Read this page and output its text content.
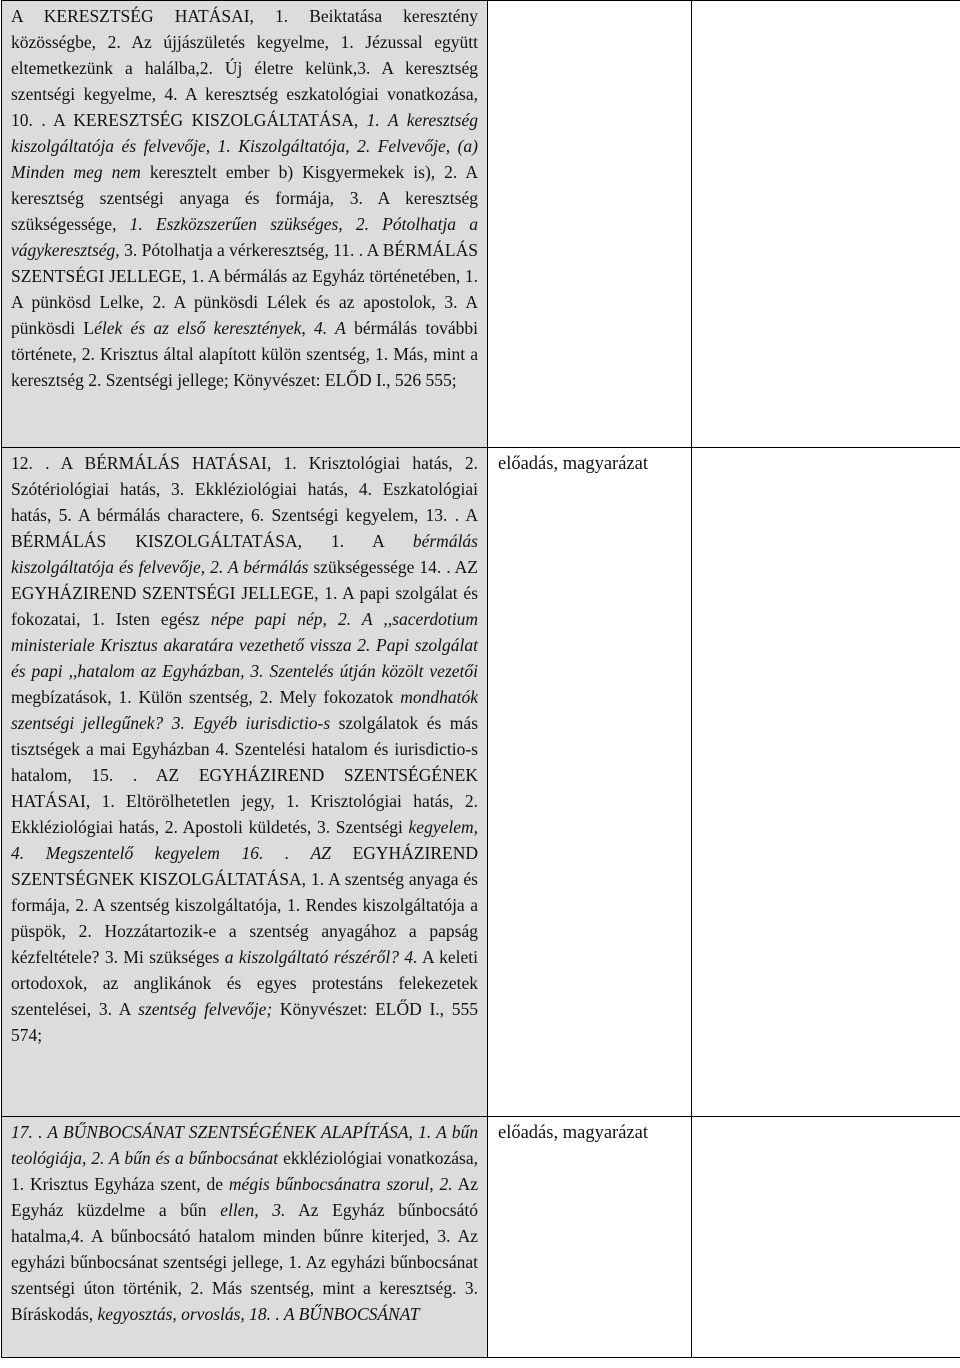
A KERESZTSÉG HATÁSAI, 1. Beiktatása keresztény közösségbe, 2. Az újjászületés kegyelme, 1. Jézussal együtt eltemetkezünk a halálba,2. Új életre kelünk,3. A keresztség szentségi kegyelme, 4. A keresztség eszkatológiai vonatkozása, 10. . A KERESZTSÉG KISZOLGÁLTATÁSA, 1. A keresztség kiszolgáltatója és felvevője, 1. Kiszolgáltatója, 2. Felvevője, (a) Minden meg nem keresztelt ember b) Kisgyermekek is), 2. A keresztség szentségi anyaga és formája, 3. A keresztség szükségessége, 1. Eszközszerűen szükséges, 2. Pótolhatja a vágykeresztség, 3. Pótolhatja a vérkeresztség, 11. . A BÉRMÁLÁS SZENTSÉGI JELLEGE, 1. A bérmálás az Egyház történetében, 1. A pünkösd Lelke, 2. A pünkösdi Lélek és az apostolok, 3. A pünkösdi Lélek és az első keresztények, 4. A bérmálás további története, 2. Krisztus által alapított külön szentség, 1. Más, mint a keresztség 2. Szentségi jellege; Könyvészet: ELŐD I., 526 555;		

12. . A BÉRMÁLÁS HATÁSAI, 1. Krisztológiai hatás, 2. Szótériológiai hatás, 3. Ekkléziológiai hatás, 4. Eszkatológiai hatás, 5. A bérmálás charactere, 6. Szentségi kegyelem, 13. . A BÉRMÁLÁS KISZOLGÁLTATÁSA, 1. A bérmálás kiszolgáltatója és felvevője, 2. A bérmálás szükségessége 14. . AZ EGYHÁZIREND SZENTSÉGI JELLEGE, 1. A papi szolgálat és fokozatai, 1. Isten egész népe papi nép, 2. A ,,sacerdotium ministeriale Krisztus akaratára vezethető vissza 2. Papi szolgálat és papi ,,hatalom az Egyházban, 3. Szentelés útján közölt vezetői megbízatások, 1. Külön szentség, 2. Mely fokozatok mondhatók szentségi jellegűnek? 3. Egyéb iurisdictio-s szolgálatok és más tisztségek a mai Egyházban 4. Szentelési hatalom és iurisdictio-s hatalom, 15. . AZ EGYHÁZIREND SZENTSÉGÉNEK HATÁSAI, 1. Eltörölhetetlen jegy, 1. Krisztológiai hatás, 2. Ekkléziológiai hatás, 2. Apostoli küldetés, 3. Szentségi kegyelem, 4. Megszentelő kegyelem 16. . AZ EGYHÁZIREND SZENTSÉGNEK KISZOLGÁLTATÁSA, 1. A szentség anyaga és formája, 2. A szentség kiszolgáltatója, 1. Rendes kiszolgáltatója a püspök, 2. Hozzátartozik-e a szentség anyagához a papság kézfeltétele? 3. Mi szükséges a kiszolgáltató részéről? 4. A keleti ortodoxok, az anglikánok és egyes protestáns felekezetek szentelései, 3. A szentség felvevője; Könyvészet: ELŐD I., 555 574;	előadás, magyarázat	

17. . A BŰNBOCSÁNAT SZENTSÉGÉNEK ALAPÍTÁSA, 1. A bűn teológiája, 2. A bűn és a bűnbocsánat ekkléziológiai vonatkozása, 1. Krisztus Egyháza szent, de mégis bűnbocsánatra szorul, 2. Az Egyház küzdelme a bűn ellen, 3. Az Egyház bűnbocsátó hatalma,4. A bűnbocsátó hatalom minden bűnre kiterjed, 3. Az egyházi bűnbocsánat szentségi jellege, 1. Az egyházi bűnbocsánat szentségi úton történik, 2. Más szentség, mint a keresztség. 3. Bíráskodás, kegyosztás, orvoslás, 18. . A BŰNBOCSÁNAT	előadás, magyarázat	
